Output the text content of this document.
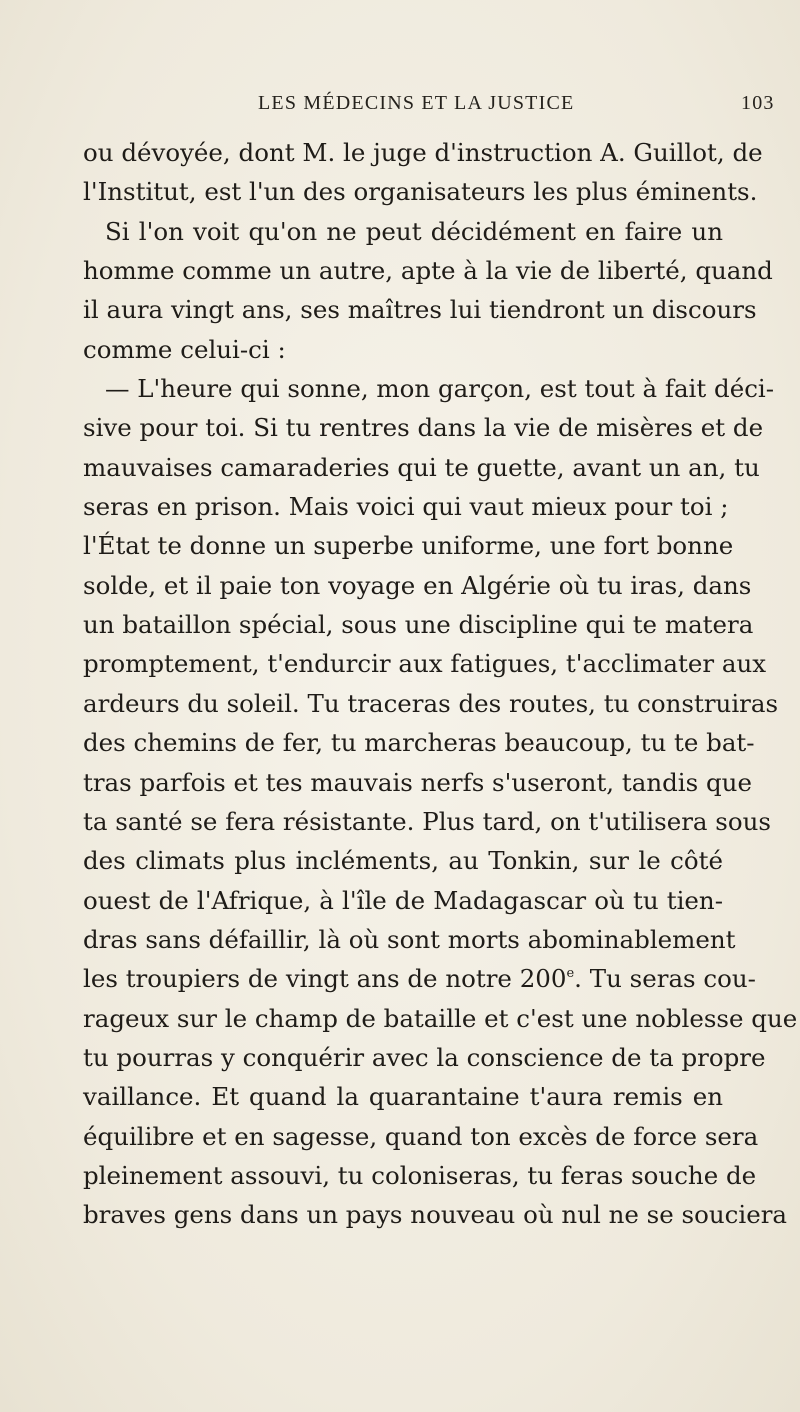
LES MÉDECINS ET LA JUSTICE	103
ou dévoyée, dont M. le juge d'instruction A. Guillot, de
l'Institut, est l'un des organisateurs les plus éminents.
Si l'on voit qu'on ne peut décidément en faire un
homme comme un autre, apte à la vie de liberté, quand
il aura vingt ans, ses maîtres lui tiendront un discours
comme celui-ci :
— L'heure qui sonne, mon garçon, est tout à fait déci-
sive pour toi. Si tu rentres dans la vie de misères et de
mauvaises camaraderies qui te guette, avant un an, tu
seras en prison. Mais voici qui vaut mieux pour toi ;
l'État te donne un superbe uniforme, une fort bonne
solde, et il paie ton voyage en Algérie où tu iras, dans
un bataillon spécial, sous une discipline qui te matera
promptement, t'endurcir aux fatigues, t'acclimater aux
ardeurs du soleil. Tu traceras des routes, tu construiras
des chemins de fer, tu marcheras beaucoup, tu te bat-
tras parfois et tes mauvais nerfs s'useront, tandis que
ta santé se fera résistante. Plus tard, on t'utilisera sous
des climats plus incléments, au Tonkin, sur le côté
ouest de l'Afrique, à l'île de Madagascar où tu tien-
dras sans défaillir, là où sont morts abominablement
les troupiers de vingt ans de notre 200e. Tu seras cou-
rageux sur le champ de bataille et c'est une noblesse que
tu pourras y conquérir avec la conscience de ta propre
vaillance. Et quand la quarantaine t'aura remis en
équilibre et en sagesse, quand ton excès de force sera
pleinement assouvi, tu coloniseras, tu feras souche de
braves gens dans un pays nouveau où nul ne se souciera
